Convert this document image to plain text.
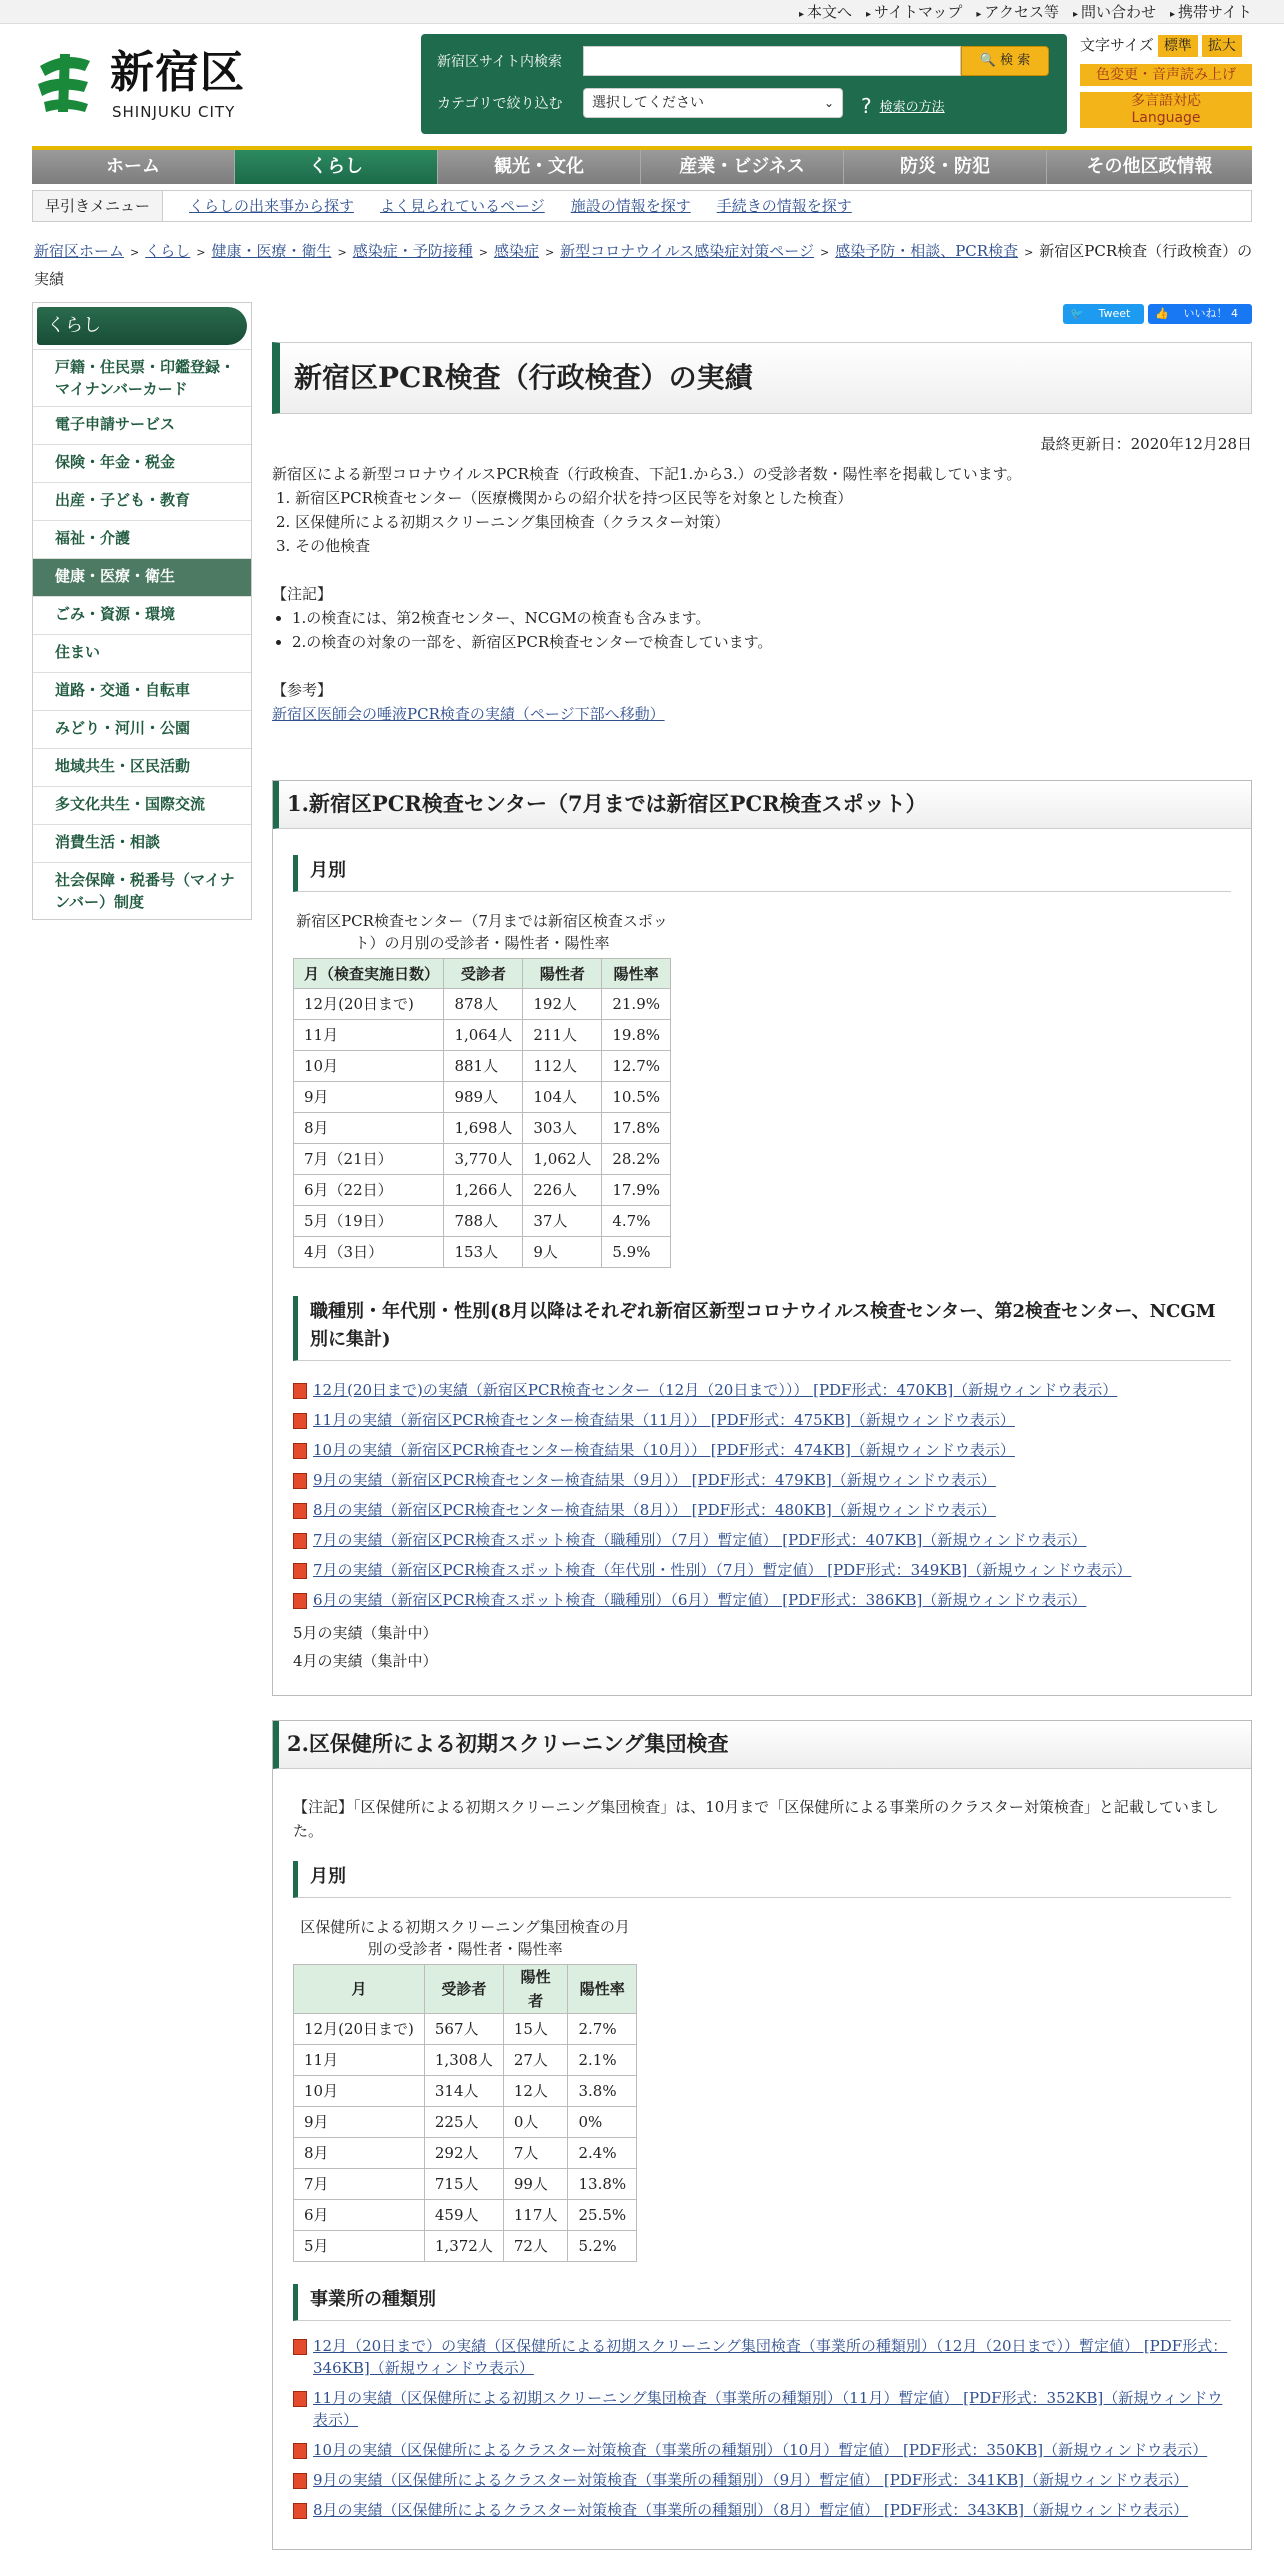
▸ 本文へ ▸ サイトマップ ▸ アクセス等 ▸ 問い合わせ ▸ 携帯サイト
新宿区
SHINJUKU CITY
新宿区サイト内検索	🔍 検 索
カテゴリで絞り込む	選択してください	⌄ ? 検索の方法
文字サイズ 標準 拡大
色変更・音声読み上げ
多言語対応
Language
ホーム	くらし	観光・文化	産業・ビジネス	防災・防犯	その他区政情報
早引きメニュー	くらしの出来事から探す よく見られているページ 施設の情報を探す 手続きの情報を探す
新宿区ホーム > くらし > 健康・医療・衛生 > 感染症・予防接種 > 感染症 > 新型コロナウイルス感染症対策ページ > 感染予防・相談、PCR検査 > 新宿区PCR検査（行政検査）の実績
くらし
戸籍・住民票・印鑑登録・マイナンバーカード
電子申請サービス
保険・年金・税金
出産・子ども・教育
福祉・介護
健康・医療・衛生
ごみ・資源・環境
住まい
道路・交通・自転車
みどり・河川・公園
地域共生・区民活動
多文化共生・国際交流
消費生活・相談
社会保障・税番号（マイナンバー）制度
🐦 Tweet 👍 いいね！ 4
新宿区PCR検査（行政検査）の実績
最終更新日：2020年12月28日

新宿区による新型コロナウイルスPCR検査（行政検査、下記1.から3.）の受診者数・陽性率を掲載しています。

1. 新宿区PCR検査センター（医療機関からの紹介状を持つ区民等を対象とした検査）
2. 区保健所による初期スクリーニング集団検査（クラスター対策）
3. その他検査

【注記】

• 1.の検査には、第2検査センター、NCGMの検査も含みます。
• 2.の検査の対象の一部を、新宿区PCR検査センターで検査しています。

【参考】

新宿区医師会の唾液PCR検査の実績（ページ下部へ移動）
1.新宿区PCR検査センター（7月までは新宿区PCR検査スポット）
月別
新宿区PCR検査センター（7月までは新宿区検査スポット）の月別の受診者・陽性者・陽性率
月（検査実施日数）	受診者	陽性者	陽性率
12月(20日まで)	878人	192人	21.9%
11月	1,064人	211人	19.8%
10月	881人	112人	12.7%
9月	989人	104人	10.5%
8月	1,698人	303人	17.8%
7月（21日）	3,770人	1,062人	28.2%
6月（22日）	1,266人	226人	17.9%
5月（19日）	788人	37人	4.7%
4月（3日）	153人	9人	5.9%
職種別・年代別・性別(8月以降はそれぞれ新宿区新型コロナウイルス検査センター、第2検査センター、NCGM別に集計)
12月(20日まで)の実績（新宿区PCR検査センター（12月（20日まで））） [PDF形式：470KB]（新規ウィンドウ表示）
11月の実績（新宿区PCR検査センター検査結果（11月）） [PDF形式：475KB]（新規ウィンドウ表示）
10月の実績（新宿区PCR検査センター検査結果（10月）） [PDF形式：474KB]（新規ウィンドウ表示）
9月の実績（新宿区PCR検査センター検査結果（9月）） [PDF形式：479KB]（新規ウィンドウ表示）
8月の実績（新宿区PCR検査センター検査結果（8月）） [PDF形式：480KB]（新規ウィンドウ表示）
7月の実績（新宿区PCR検査スポット検査（職種別）（7月）暫定値） [PDF形式：407KB]（新規ウィンドウ表示）
7月の実績（新宿区PCR検査スポット検査（年代別・性別）（7月）暫定値） [PDF形式：349KB]（新規ウィンドウ表示）
6月の実績（新宿区PCR検査スポット検査（職種別）（6月）暫定値） [PDF形式：386KB]（新規ウィンドウ表示）

5月の実績（集計中）

4月の実績（集計中）

2.区保健所による初期スクリーニング集団検査

【注記】「区保健所による初期スクリーニング集団検査」は、10月まで「区保健所による事業所のクラスター対策検査」と記載していました。

月別
区保健所による初期スクリーニング集団検査の月別の受診者・陽性者・陽性率
月	受診者	陽性者	陽性率
12月(20日まで)	567人	15人	2.7%
11月	1,308人	27人	2.1%
10月	314人	12人	3.8%
9月	225人	0人	0%
8月	292人	7人	2.4%
7月	715人	99人	13.8%
6月	459人	117人	25.5%
5月	1,372人	72人	5.2%
事業所の種類別
12月（20日まで）の実績（区保健所による初期スクリーニング集団検査（事業所の種類別）（12月（20日まで））暫定値） [PDF形式：346KB]（新規ウィンドウ表示）
11月の実績（区保健所による初期スクリーニング集団検査（事業所の種類別）（11月）暫定値） [PDF形式：352KB]（新規ウィンドウ表示）
10月の実績（区保健所によるクラスター対策検査（事業所の種類別）（10月）暫定値） [PDF形式：350KB]（新規ウィンドウ表示）
9月の実績（区保健所によるクラスター対策検査（事業所の種類別）（9月）暫定値） [PDF形式：341KB]（新規ウィンドウ表示）
8月の実績（区保健所によるクラスター対策検査（事業所の種類別）（8月）暫定値） [PDF形式：343KB]（新規ウィンドウ表示）
